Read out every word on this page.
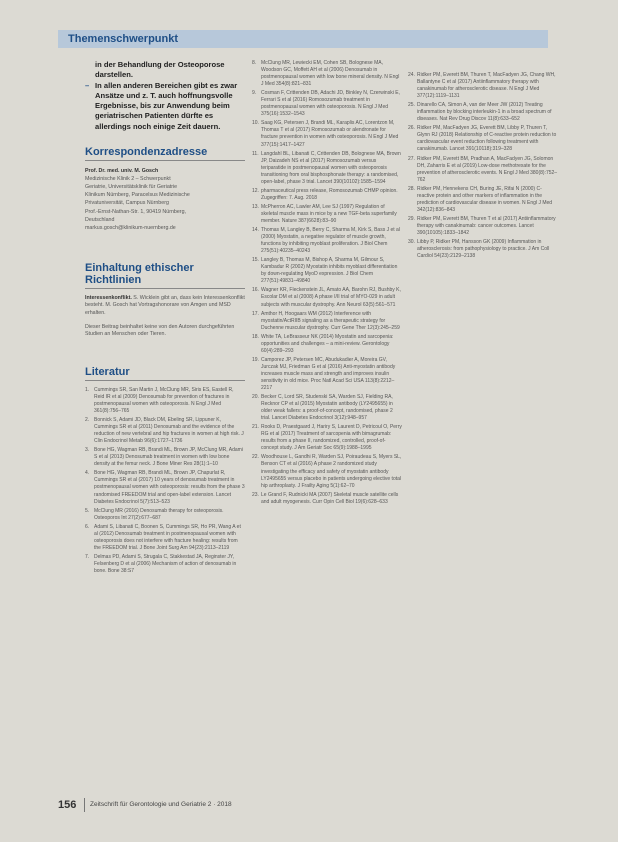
Themenschwerpunkt

in der Behandlung der Osteoporose darstellen.

– In allen anderen Bereichen gibt es zwar Ansätze und z. T. auch hoffnungsvolle Ergebnisse, bis zur Anwendung beim geriatrischen Patienten dürfte es allerdings noch einige Zeit dauern.

Korrespondenzadresse
Prof. Dr. med. univ. M. Gosch
Medizinische Klinik 2 – Schwerpunkt
Geriatrie, Universitätsklinik für Geriatrie
Klinikum Nürnberg, Paracelsus Medizinische
Privatuniversität, Campus Nürnberg
Prof.-Ernst-Nathan-Str. 1, 90419 Nürnberg,
Deutschland
markus.gosch@klinikum-nuernberg.de
Einhaltung ethischer Richtlinien

Interessenkonflikt. S. Wicklein gibt an, dass kein Interessenkonflikt besteht. M. Gosch hat Vortragshonorare von Amgen und MSD erhalten.

Dieser Beitrag beinhaltet keine von den Autoren durchgeführten Studien an Menschen oder Tieren.

Literatur
1. Cummings SR, San Martin J, McClung MR, Siris ES, Eastell R, Reid IR et al (2009) Denosumab for prevention of fractures in postmenopausal women with osteoporosis. N Engl J Med 361(8):756–765
2. Bonnick S, Adami JD, Black DM, Ebeling SR, Lippuner K, Cummings SR et al (2011) Denosumab and the evidence of the reduction of new vertebral and hip fractures in women at high risk. J Clin Endocrinol Metab 96(6):1727–1736
3. Bone HG, Wagman RB, Brandi ML, Brown JP, McClung MR, Adami S et al (2013) Denosumab treatment in women with low bone density at the femur neck. J Bone Miner Res 28(1):1–10
4. Bone HG, Wagman RB, Brandi ML, Brown JP, Chapurlat R, Cummings SR et al (2017) 10 years of denosumab treatment in postmenopausal women with osteoporosis: results from the phase 3 randomised FREEDOM trial and open-label extension. Lancet Diabetes Endocrinol 5(7):513–523
5. McClung MR (2016) Denosumab therapy for osteoporosis. Osteoporos Int 27(2):677–687
6. Adami S, Libanati C, Boonen S, Cummings SR, Ho PR, Wang A et al (2012) Denosumab treatment in postmenopausal women with osteoporosis does not interfere with fracture healing: results from the FREEDOM trial. J Bone Joint Surg Am 94(23):2113–2119
7. Delmas PD, Adami S, Strugala C, Stakkestad JA, Reginster JY, Felsenberg D et al (2006) Mechanism of action of denosumab in bone. Bone 38:S7
8. McClung MR, Lewiecki EM, Cohen SB, Bolognese MA, Woodson GC, Moffett AH et al (2006) Denosumab in postmenopausal women with low bone mineral density. N Engl J Med 354(8):821–831
9. Cosman F, Crittenden DB, Adachi JD, Binkley N, Czerwinski E, Ferrari S et al (2016) Romosozumab treatment in postmenopausal women with osteoporosis. N Engl J Med 375(16):1532–1543
10. Saag KG, Petersen J, Brandi ML, Karaplis AC, Lorentzon M, Thomas T et al (2017) Romosozumab or alendronate for fracture prevention in women with osteoporosis. N Engl J Med 377(15):1417–1427
11. Langdahl BL, Libanati C, Crittenden DB, Bolognese MA, Brown JP, Daizadeh NS et al (2017) Romosozumab versus teriparatide in postmenopausal women with osteoporosis transitioning from oral bisphosphonate therapy: a randomised, open-label, phase 3 trial. Lancet 390(10102):1585–1594
12. pharmaceutical press release, Romosozumab CHMP opinion. Zugegriffen: 7. Aug. 2018
13. McPherron AC, Lawler AM, Lee SJ (1997) Regulation of skeletal muscle mass in mice by a new TGF-beta superfamily member. Nature 387(6628):83–90
14. Thomas M, Langley B, Berry C, Sharma M, Kirk S, Bass J et al (2000) Myostatin, a negative regulator of muscle growth, functions by inhibiting myoblast proliferation. J Biol Chem 275(51):40235–40243
15. Langley B, Thomas M, Bishop A, Sharma M, Gilmour S, Kambadur R (2002) Myostatin inhibits myoblast differentiation by down-regulating MyoD expression. J Biol Chem 277(51):49831–49840
16. Wagner KR, Fleckenstein JL, Amato AA, Barohn RJ, Bushby K, Escolar DM et al (2008) A phase I/II trial of MYO-029 in adult subjects with muscular dystrophy. Ann Neurol 63(5):561–571
17. Amthor H, Hoogaars WM (2012) Interference with myostatin/ActRIIB signaling as a therapeutic strategy for Duchenne muscular dystrophy. Curr Gene Ther 12(3):245–259
18. White TA, LeBrasseur NK (2014) Myostatin and sarcopenia: opportunities and challenges – a mini-review. Gerontology 60(4):289–293
19. Camporez JP, Petersen MC, Abudukadier A, Moreira GV, Jurczak MJ, Friedman G et al (2016) Anti-myostatin antibody increases muscle mass and strength and improves insulin sensitivity in old mice. Proc Natl Acad Sci USA 113(8):2212–2217
20. Becker C, Lord SR, Studenski SA, Warden SJ, Fielding RA, Recknor CP et al (2015) Myostatin antibody (LY2495655) in older weak fallers: a proof-of-concept, randomised, phase 2 trial. Lancet Diabetes Endocrinol 3(12):948–957
21. Rooks D, Praestgaard J, Hariry S, Laurent D, Petricoul O, Perry RG et al (2017) Treatment of sarcopenia with bimagrumab: results from a phase II, randomized, controlled, proof-of-concept study. J Am Geriatr Soc 65(9):1988–1995
22. Woodhouse L, Gandhi R, Warden SJ, Poiraudeau S, Myers SL, Benson CT et al (2016) A phase 2 randomized study investigating the efficacy and safety of myostatin antibody LY2495655 versus placebo in patients undergoing elective total hip arthroplasty. J Frailty Aging 5(1):62–70
23. Le Grand F, Rudnicki MA (2007) Skeletal muscle satellite cells and adult myogenesis. Curr Opin Cell Biol 19(6):628–633
24. Ridker PM, Everett BM, Thuren T, MacFadyen JG, Chang WH, Ballantyne C et al (2017) Antiinflammatory therapy with canakinumab for atherosclerotic disease. N Engl J Med 377(12):1119–1131
25. Dinarello CA, Simon A, van der Meer JW (2012) Treating inflammation by blocking interleukin-1 in a broad spectrum of diseases. Nat Rev Drug Discov 11(8):633–652
26. Ridker PM, MacFadyen JG, Everett BM, Libby P, Thuren T, Glynn RJ (2018) Relationship of C-reactive protein reduction to cardiovascular event reduction following treatment with canakinumab. Lancet 391(10118):319–328
27. Ridker PM, Everett BM, Pradhan A, MacFadyen JG, Solomon DH, Zaharris E et al (2019) Low-dose methotrexate for the prevention of atherosclerotic events. N Engl J Med 380(8):752–762
28. Ridker PM, Hennekens CH, Buring JE, Rifai N (2000) C-reactive protein and other markers of inflammation in the prediction of cardiovascular disease in women. N Engl J Med 342(12):836–843
29. Ridker PM, Everett BM, Thuren T et al (2017) Antiinflammatory therapy with canakinumab: cancer outcomes. Lancet 390(10105):1833–1842
30. Libby P, Ridker PM, Hansson GK (2009) Inflammation in atherosclerosis: from pathophysiology to practice. J Am Coll Cardiol 54(23):2129–2138
156 Zeitschrift für Gerontologie und Geriatrie 2 · 2018
